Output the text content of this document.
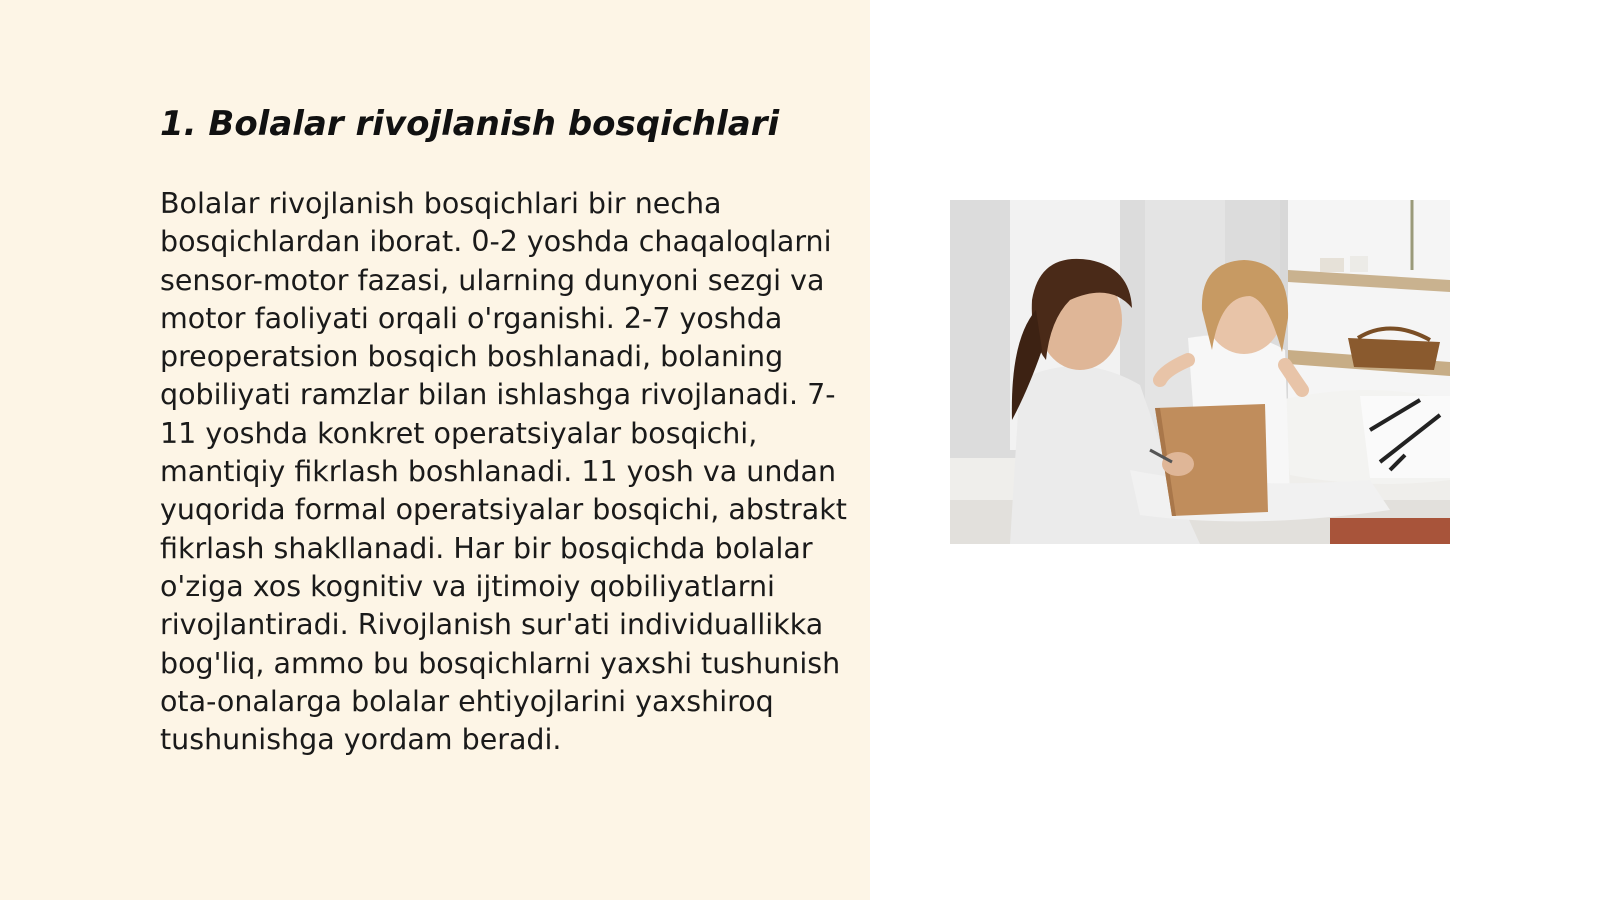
1. Bolalar rivojlanish bosqichlari

Bolalar rivojlanish bosqichlari bir necha bosqichlardan iborat. 0-2 yoshda chaqaloqlarni sensor-motor fazasi, ularning dunyoni sezgi va motor faoliyati orqali o'rganishi. 2-7 yoshda preoperatsion bosqich boshlanadi, bolaning qobiliyati ramzlar bilan ishlashga rivojlanadi. 7-11 yoshda konkret operatsiyalar bosqichi, mantiqiy fikrlash boshlanadi. 11 yosh va undan yuqorida formal operatsiyalar bosqichi, abstrakt fikrlash shakllanadi. Har bir bosqichda bolalar o'ziga xos kognitiv va ijtimoiy qobiliyatlarni rivojlantiradi. Rivojlanish sur'ati individuallikka bog'liq, ammo bu bosqichlarni yaxshi tushunish ota-onalarga bolalar ehtiyojlarini yaxshiroq tushunishga yordam beradi.
